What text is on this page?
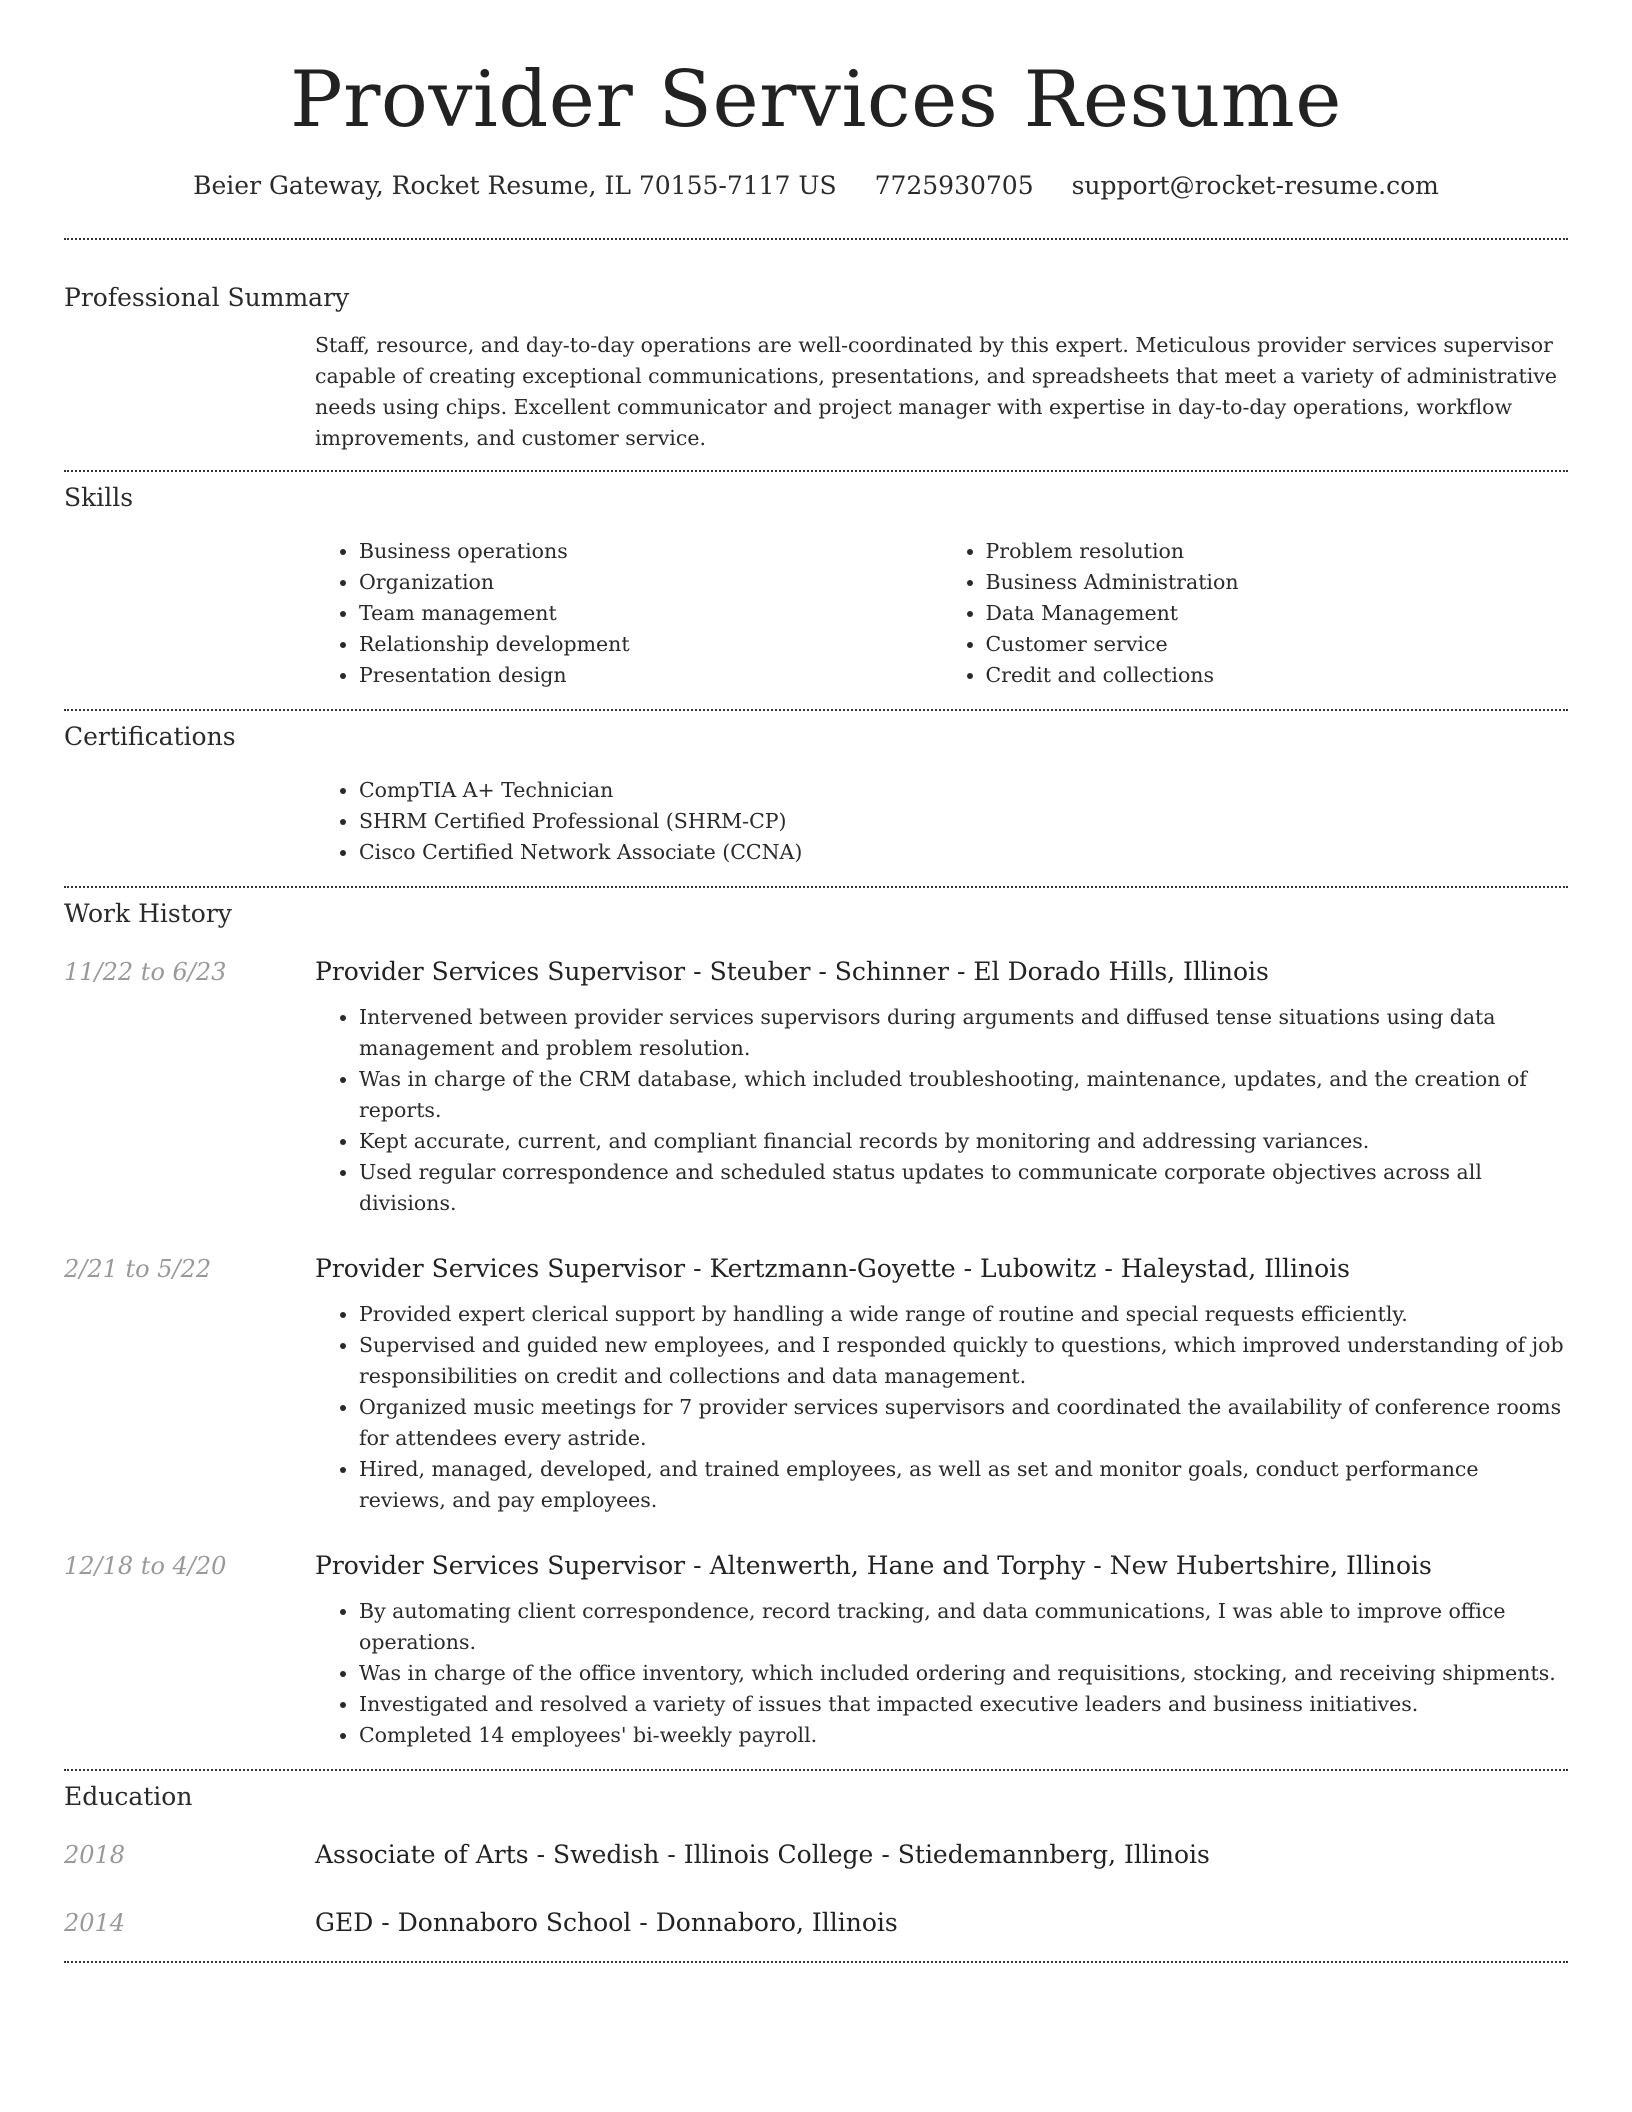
Provider Services Resume
Beier Gateway, Rocket Resume, IL 70155-7117 US 7725930705 support@rocket-resume.com
Professional Summary
Staff, resource, and day-to-day operations are well-coordinated by this expert. Meticulous provider services supervisor capable of creating exceptional communications, presentations, and spreadsheets that meet a variety of administrative needs using chips. Excellent communicator and project manager with expertise in day-to-day operations, workflow improvements, and customer service.
Skills
• Business operations
• Organization
• Team management
• Relationship development
• Presentation design
• Problem resolution
• Business Administration
• Data Management
• Customer service
• Credit and collections
Certifications
• CompTIA A+ Technician
• SHRM Certified Professional (SHRM-CP)
• Cisco Certified Network Associate (CCNA)
Work History
11/22 to 6/23	Provider Services Supervisor - Steuber - Schinner - El Dorado Hills, Illinois
• Intervened between provider services supervisors during arguments and diffused tense situations using data management and problem resolution.
• Was in charge of the CRM database, which included troubleshooting, maintenance, updates, and the creation of reports.
• Kept accurate, current, and compliant financial records by monitoring and addressing variances.
• Used regular correspondence and scheduled status updates to communicate corporate objectives across all divisions.
2/21 to 5/22	Provider Services Supervisor - Kertzmann-Goyette - Lubowitz - Haleystad, Illinois
• Provided expert clerical support by handling a wide range of routine and special requests efficiently.
• Supervised and guided new employees, and I responded quickly to questions, which improved understanding of job responsibilities on credit and collections and data management.
• Organized music meetings for 7 provider services supervisors and coordinated the availability of conference rooms for attendees every astride.
• Hired, managed, developed, and trained employees, as well as set and monitor goals, conduct performance reviews, and pay employees.
12/18 to 4/20	Provider Services Supervisor - Altenwerth, Hane and Torphy - New Hubertshire, Illinois
• By automating client correspondence, record tracking, and data communications, I was able to improve office operations.
• Was in charge of the office inventory, which included ordering and requisitions, stocking, and receiving shipments.
• Investigated and resolved a variety of issues that impacted executive leaders and business initiatives.
• Completed 14 employees' bi-weekly payroll.
Education
2018	Associate of Arts - Swedish - Illinois College - Stiedemannberg, Illinois
2014	GED - Donnaboro School - Donnaboro, Illinois
